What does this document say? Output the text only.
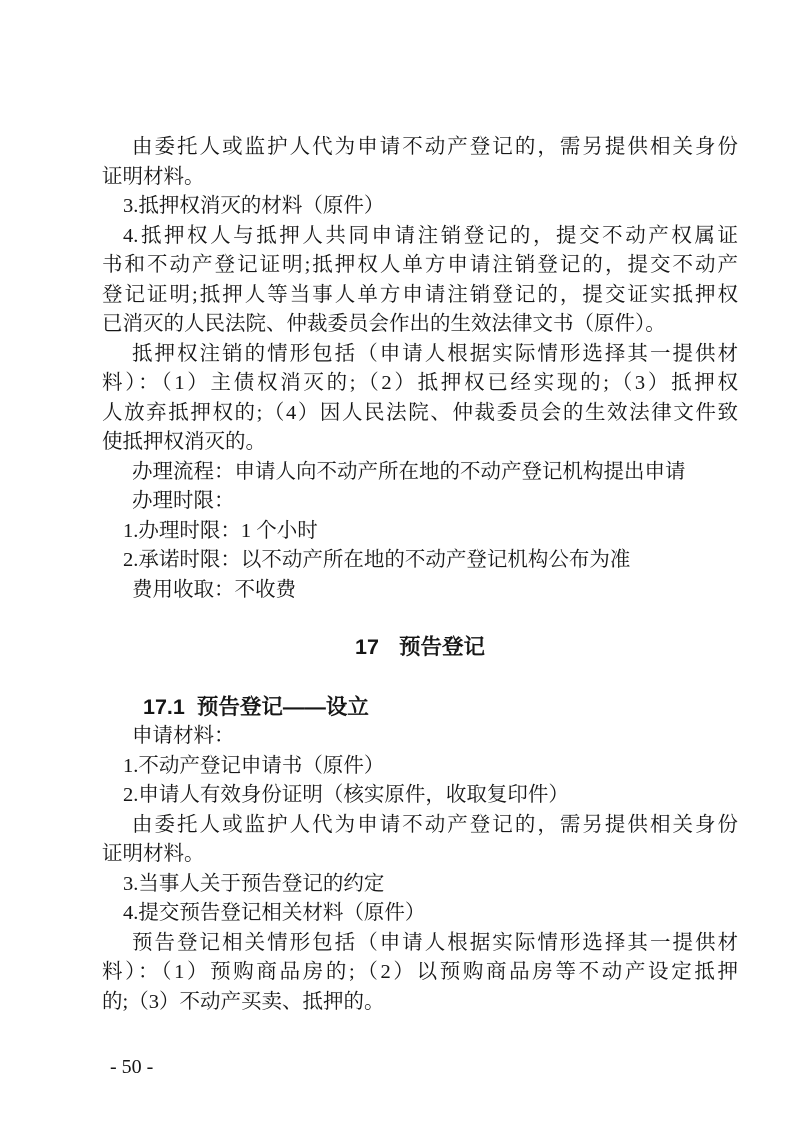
由委托人或监护人代为申请不动产登记的，需另提供相关身份
证明材料。
3.抵押权消灭的材料（原件）
4.抵押权人与抵押人共同申请注销登记的，提交不动产权属证
书和不动产登记证明;抵押权人单方申请注销登记的，提交不动产
登记证明;抵押人等当事人单方申请注销登记的，提交证实抵押权
已消灭的人民法院、仲裁委员会作出的生效法律文书（原件）。
抵押权注销的情形包括（申请人根据实际情形选择其一提供材
料）：（1）主债权消灭的;（2）抵押权已经实现的;（3）抵押权
人放弃抵押权的;（4）因人民法院、仲裁委员会的生效法律文件致
使抵押权消灭的。
办理流程：申请人向不动产所在地的不动产登记机构提出申请
办理时限：
1.办理时限：1 个小时
2.承诺时限：以不动产所在地的不动产登记机构公布为准
费用收取：不收费
17 预告登记
17.1 预告登记——设立
申请材料：
1.不动产登记申请书（原件）
2.申请人有效身份证明（核实原件，收取复印件）
由委托人或监护人代为申请不动产登记的，需另提供相关身份
证明材料。
3.当事人关于预告登记的约定
4.提交预告登记相关材料（原件）
预告登记相关情形包括（申请人根据实际情形选择其一提供材
料）：（1）预购商品房的;（2）以预购商品房等不动产设定抵押
的;（3）不动产买卖、抵押的。
- 50 -
